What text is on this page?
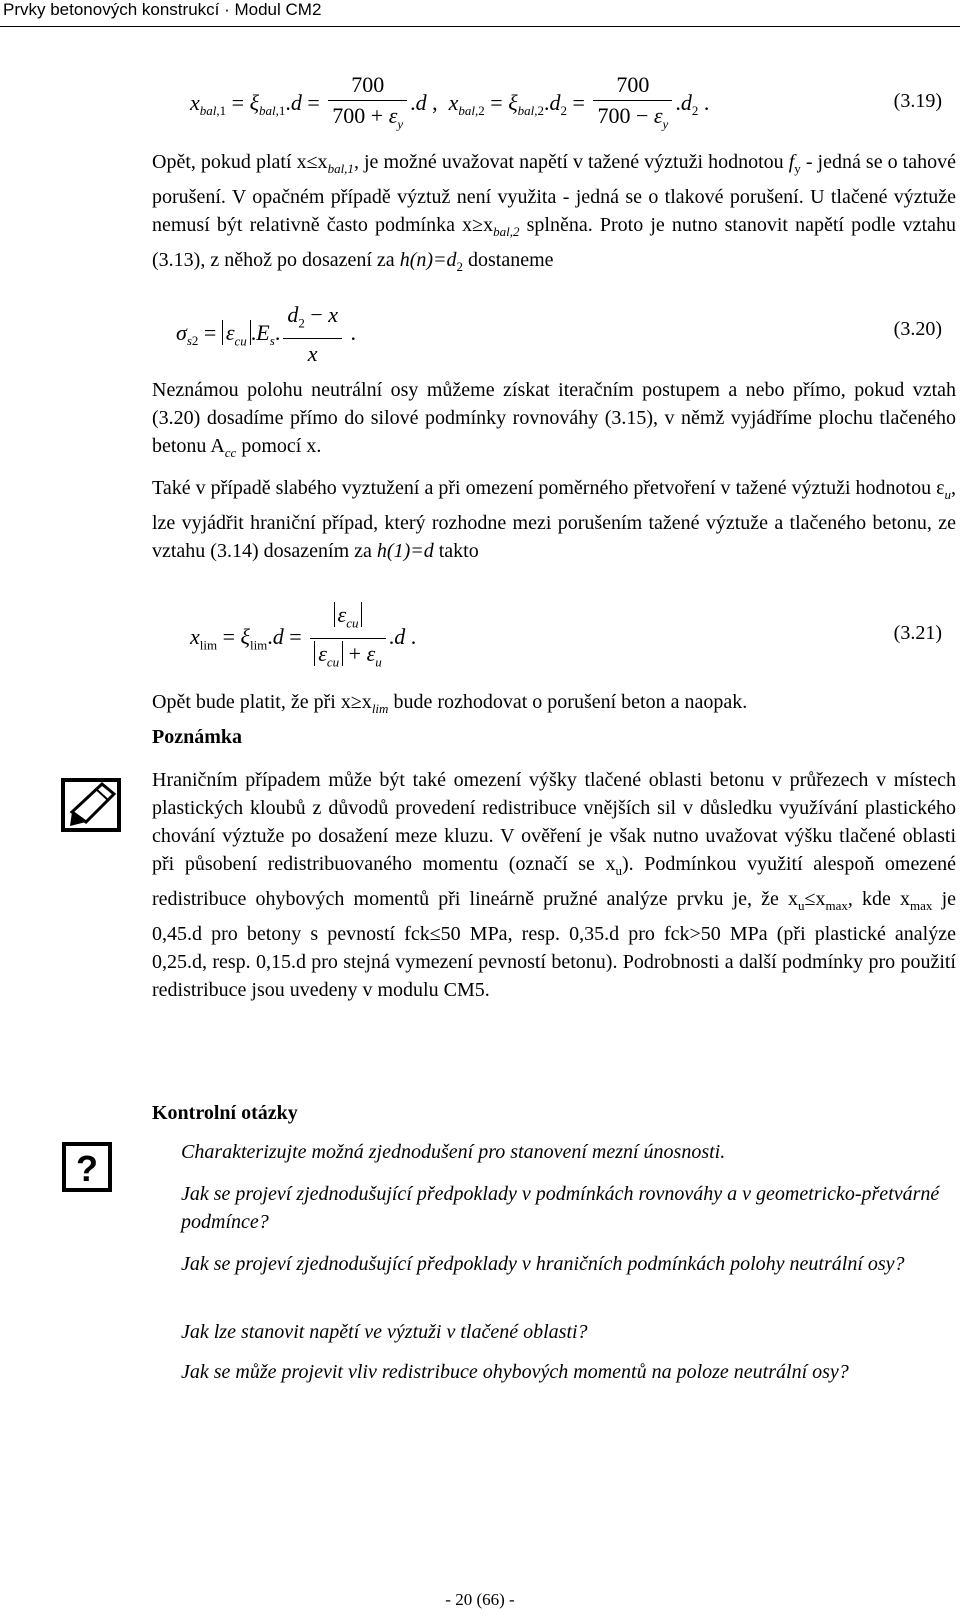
Prvky betonových konstrukcí · Modul CM2
$x_{bal,1} = \xi_{bal,1}.d = \frac{700}{700 + \varepsilon_y} .d$ ,  $x_{bal,2} = \xi_{bal,2}.d_2 = \frac{700}{700 - \varepsilon_y} .d_2$ .	(3.19)
Opět, pokud platí $x\le x_{bal,1}$, je možné uvažovat napětí v tažené výztuži hodnotou $f_y$ - jedná se o tahové porušení. V opačném případě výztuž není využita - jedná se o tlakové porušení. U tlačené výztuže nemusí být relativně často podmínka $x\ge x_{bal,2}$ splněna. Proto je nutno stanovit napětí podle vztahu (3.13), z něhož po dosazení za $h(n)=d_2$ dostaneme
$\sigma_{s2} = \varepsilon_{cu}$ $.E_s$. $\frac{d_2 - x}{x}$ .	(3.20)
Neznámou polohu neutrální osy můžeme získat iteračním postupem a nebo přímo, pokud vztah (3.20) dosadíme přímo do silové podmínky rovnováhy (3.15), v němž vyjádříme plochu tlačeného betonu $A_{cc}$ pomocí x.
Také v případě slabého vyztužení a při omezení poměrného přetvoření v tažené výztuži hodnotou $\varepsilon_u$, lze vyjádřit hraniční případ, který rozhodne mezi porušením tažené výztuže a tlačeného betonu, ze vztahu (3.14) dosazením za h(1)=d takto
$x_{lim} = \xi_{lim}.d = \frac{\varepsilon_{cu}}{\varepsilon_{cu} + \varepsilon_u} .d$ .	(3.21)
Opět bude platit, že při $x\ge x_{lim}$ bude rozhodovat o porušení beton a naopak.
Poznámka
Hraničním případem může být také omezení výšky tlačené oblasti betonu v průřezech v místech plastických kloubů z důvodů provedení redistribuce vnějších sil v důsledku využívání plastického chování výztuže po dosažení meze kluzu. V ověření je však nutno uvažovat výšku tlačené oblasti při působení redistribuovaného momentu (označí se $x_u$). Podmínkou využití alespoň omezené redistribuce ohybových momentů při lineárně pružné analýze prvku je, že $x_u\le x_{max}$, kde $x_{max}$ je 0,45.d pro betony s pevností fck≤50 MPa, resp. 0,35.d pro fck>50 MPa (při plastické analýze 0,25.d, resp. 0,15.d pro stejná vymezení pevností betonu). Podrobnosti a další podmínky pro použití redistribuce jsou uvedeny v modulu CM5.
Kontrolní otázky
?	Charakterizujte možná zjednodušení pro stanovení mezní únosnosti.
Jak se projeví zjednodušující předpoklady v podmínkách rovnováhy a v geometricko-přetvárné podmínce?
Jak se projeví zjednodušující předpoklady v hraničních podmínkách polohy neutrální osy?
Jak lze stanovit napětí ve výztuži v tlačené oblasti?
Jak se může projevit vliv redistribuce ohybových momentů na poloze neutrální osy?
- 20 (66) -
